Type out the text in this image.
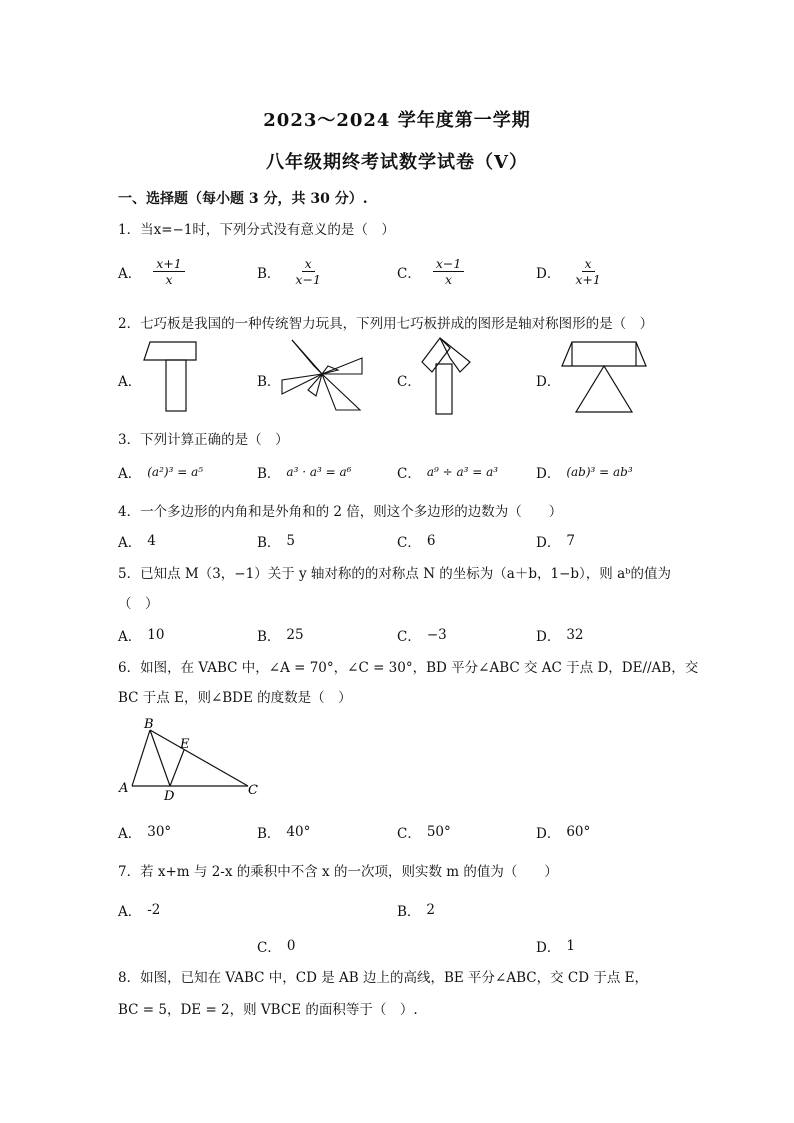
2023～2024 学年度第一学期
八年级期终考试数学试卷（V）
一、选择题（每小题 3 分，共 30 分）.
1．当x=−1时，下列分式没有意义的是（　）
A． $\frac{x+1}{x}$	B． $\frac{x}{x-1}$	C． $\frac{x-1}{x}$	D． $\frac{x}{x+1}$
2．七巧板是我国的一种传统智力玩具，下列用七巧板拼成的图形是轴对称图形的是（　）
A．	B．	C．	D．
3．下列计算正确的是（　）
A． (a²)³ = a⁵	B． a³ · a³ = a⁶	C． a⁹ ÷ a³ = a³	D． (ab)³ = ab³
4．一个多边形的内角和是外角和的 2 倍，则这个多边形的边数为（　　）
A． 4	B． 5	C． 6	D． 7
5．已知点 M（3，−1）关于 y 轴对称的的对称点 N 的坐标为（a＋b，1−b），则 aᵇ的值为
（　）
A． 10	B． 25	C． −3	D． 32
6．如图，在 VABC 中，∠A = 70°，∠C = 30°，BD 平分∠ABC 交 AC 于点 D，DE//AB，交
BC 于点 E，则∠BDE 的度数是（　）
A
B
E
D	C
A． 30°	B． 40°	C． 50°	D． 60°
7．若 x+m 与 2-x 的乘积中不含 x 的一次项，则实数 m 的值为（　　）
A． -2	B． 2
C． 0	D． 1
8．如图，已知在 VABC 中，CD 是 AB 边上的高线，BE 平分∠ABC，交 CD 于点 E，
BC = 5，DE = 2，则 VBCE 的面积等于（　）.
